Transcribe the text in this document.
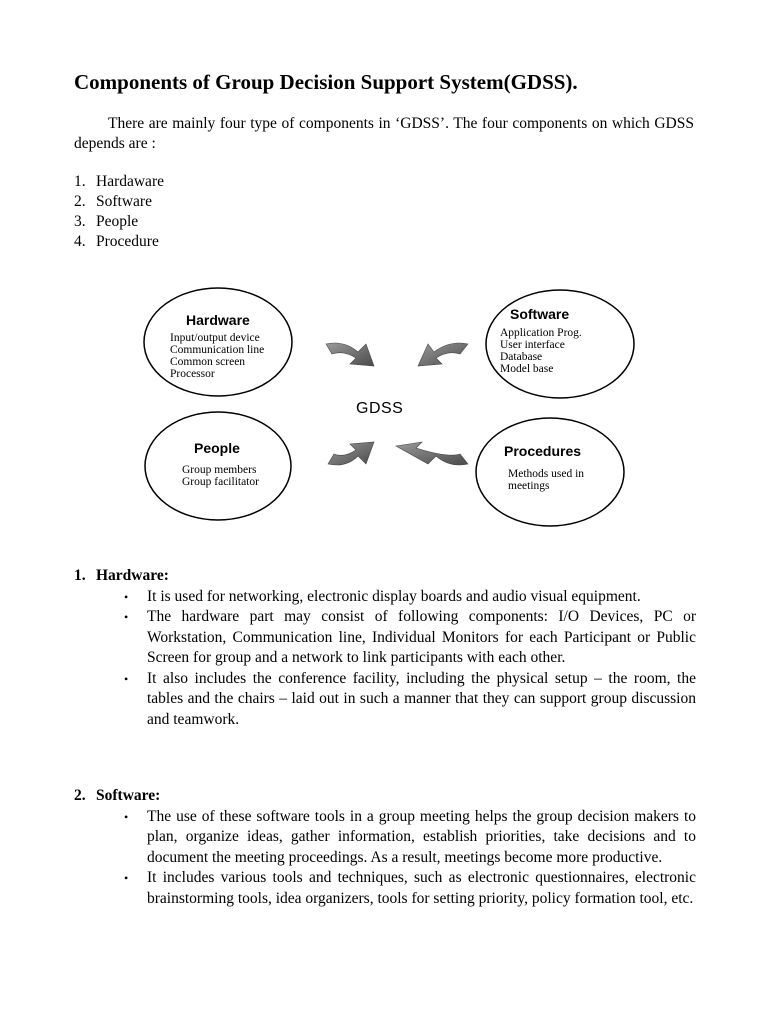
Components of Group Decision Support System(GDSS).

There are mainly four type of components in ‘GDSS’. The four components on which GDSS depends are :

1. Hardaware
2. Software
3. People
4. Procedure
Hardware
Input/output device
Communication line
Common screen
Processor
Software
Application Prog.
User interface
Database
Model base
GDSS
People
Group members
Group facilitator
Procedures
Methods used in
meetings
1. Hardware:
• It is used for networking, electronic display boards and audio visual equipment.
• The hardware part may consist of following components: I/O Devices, PC or Workstation, Communication line, Individual Monitors for each Participant or Public Screen for group and a network to link participants with each other.
• It also includes the conference facility, including the physical setup – the room, the tables and the chairs – laid out in such a manner that they can support group discussion and teamwork.
2. Software:
• The use of these software tools in a group meeting helps the group decision makers to plan, organize ideas, gather information, establish priorities, take decisions and to document the meeting proceedings. As a result, meetings become more productive.
• It includes various tools and techniques, such as electronic questionnaires, electronic brainstorming tools, idea organizers, tools for setting priority, policy formation tool, etc.
